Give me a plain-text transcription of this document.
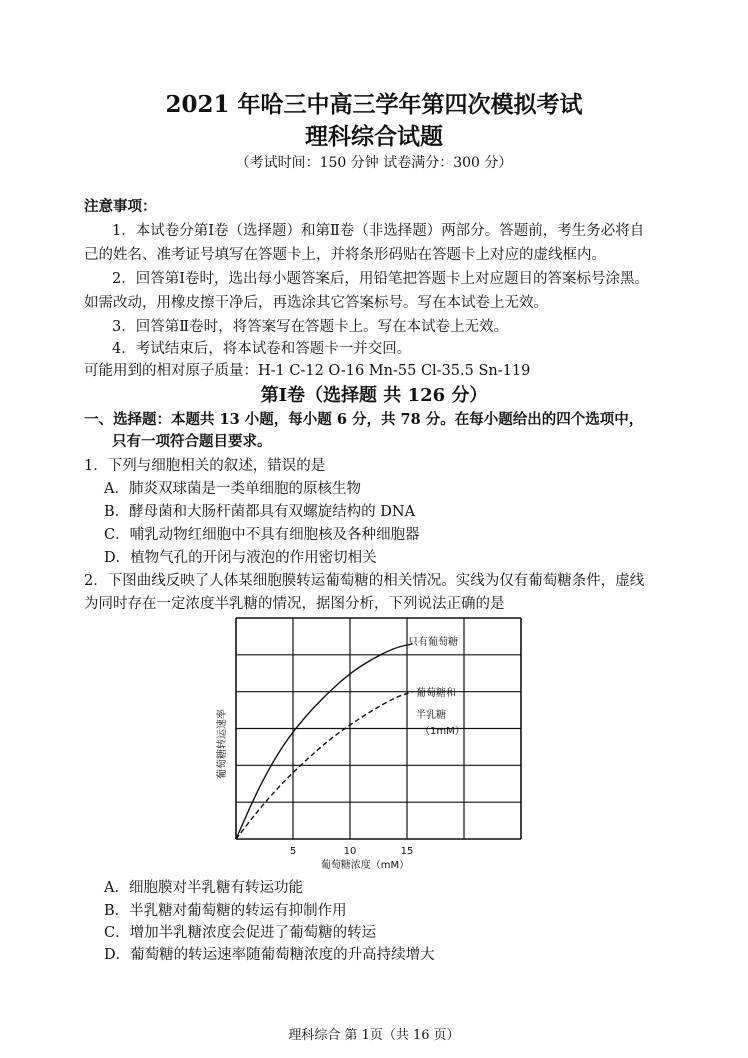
2021 年哈三中高三学年第四次模拟考试
理科综合试题
（考试时间：150 分钟 试卷满分：300 分）
注意事项：
1．本试卷分第Ⅰ卷（选择题）和第Ⅱ卷（非选择题）两部分。答题前，考生务必将自
己的姓名、准考证号填写在答题卡上，并将条形码贴在答题卡上对应的虚线框内。
2．回答第Ⅰ卷时，选出每小题答案后，用铅笔把答题卡上对应题目的答案标号涂黑。
如需改动，用橡皮擦干净后，再选涂其它答案标号。写在本试卷上无效。
3．回答第Ⅱ卷时，将答案写在答题卡上。写在本试卷上无效。
4．考试结束后，将本试卷和答题卡一并交回。
可能用到的相对原子质量：H-1 C-12 O-16 Mn-55 Cl-35.5 Sn-119
第Ⅰ卷（选择题 共 126 分）
一、选择题：本题共 13 小题，每小题 6 分，共 78 分。在每小题给出的四个选项中，
只有一项符合题目要求。
1．下列与细胞相关的叙述，错误的是
A．肺炎双球菌是一类单细胞的原核生物
B．酵母菌和大肠杆菌都具有双螺旋结构的 DNA
C．哺乳动物红细胞中不具有细胞核及各种细胞器
D．植物气孔的开闭与液泡的作用密切相关
2．下图曲线反映了人体某细胞膜转运葡萄糖的相关情况。实线为仅有葡萄糖条件，虚线
为同时存在一定浓度半乳糖的情况，据图分析，下列说法正确的是
5	10	15
葡萄糖转运速率
葡萄糖浓度（mM）
只有葡萄糖
葡萄糖和
半乳糖
（1mM）
A．细胞膜对半乳糖有转运功能
B．半乳糖对葡萄糖的转运有抑制作用
C．增加半乳糖浓度会促进了葡萄糖的转运
D．葡萄糖的转运速率随葡萄糖浓度的升高持续增大
理科综合 第 1页（共 16 页）
